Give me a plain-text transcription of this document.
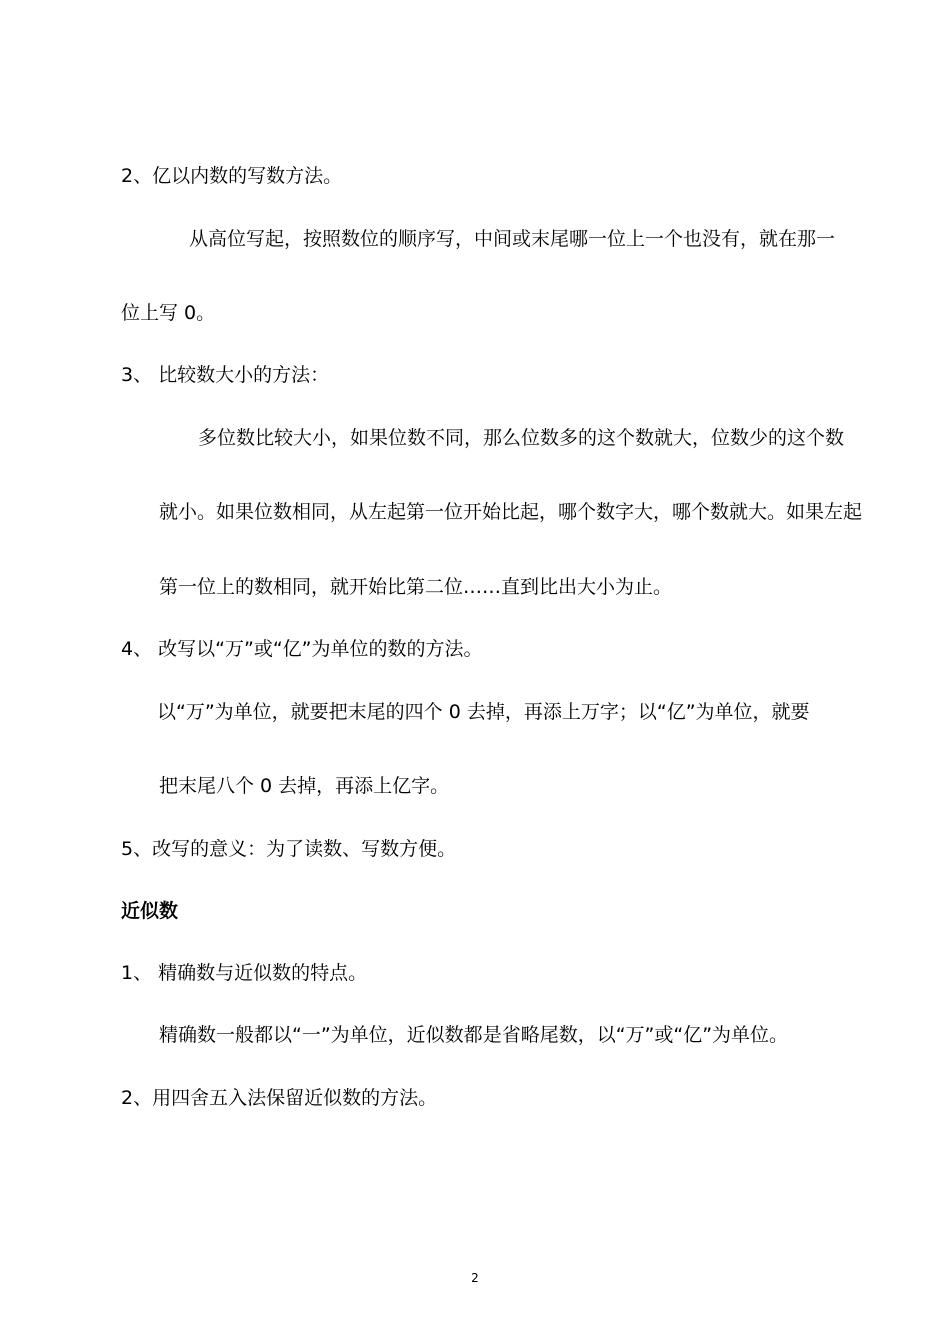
2、亿以内数的写数方法。
从高位写起，按照数位的顺序写，中间或末尾哪一位上一个也没有，就在那一
位上写 0。
3、 比较数大小的方法：
多位数比较大小，如果位数不同，那么位数多的这个数就大，位数少的这个数
就小。如果位数相同，从左起第一位开始比起，哪个数字大，哪个数就大。如果左起
第一位上的数相同，就开始比第二位……直到比出大小为止。
4、 改写以“万”或“亿”为单位的数的方法。
以“万”为单位，就要把末尾的四个 0 去掉，再添上万字；以“亿”为单位，就要
把末尾八个 0 去掉，再添上亿字。
5、改写的意义：为了读数、写数方便。
近似数
1、 精确数与近似数的特点。
精确数一般都以“一”为单位，近似数都是省略尾数，以“万”或“亿”为单位。
2、用四舍五入法保留近似数的方法。
2
